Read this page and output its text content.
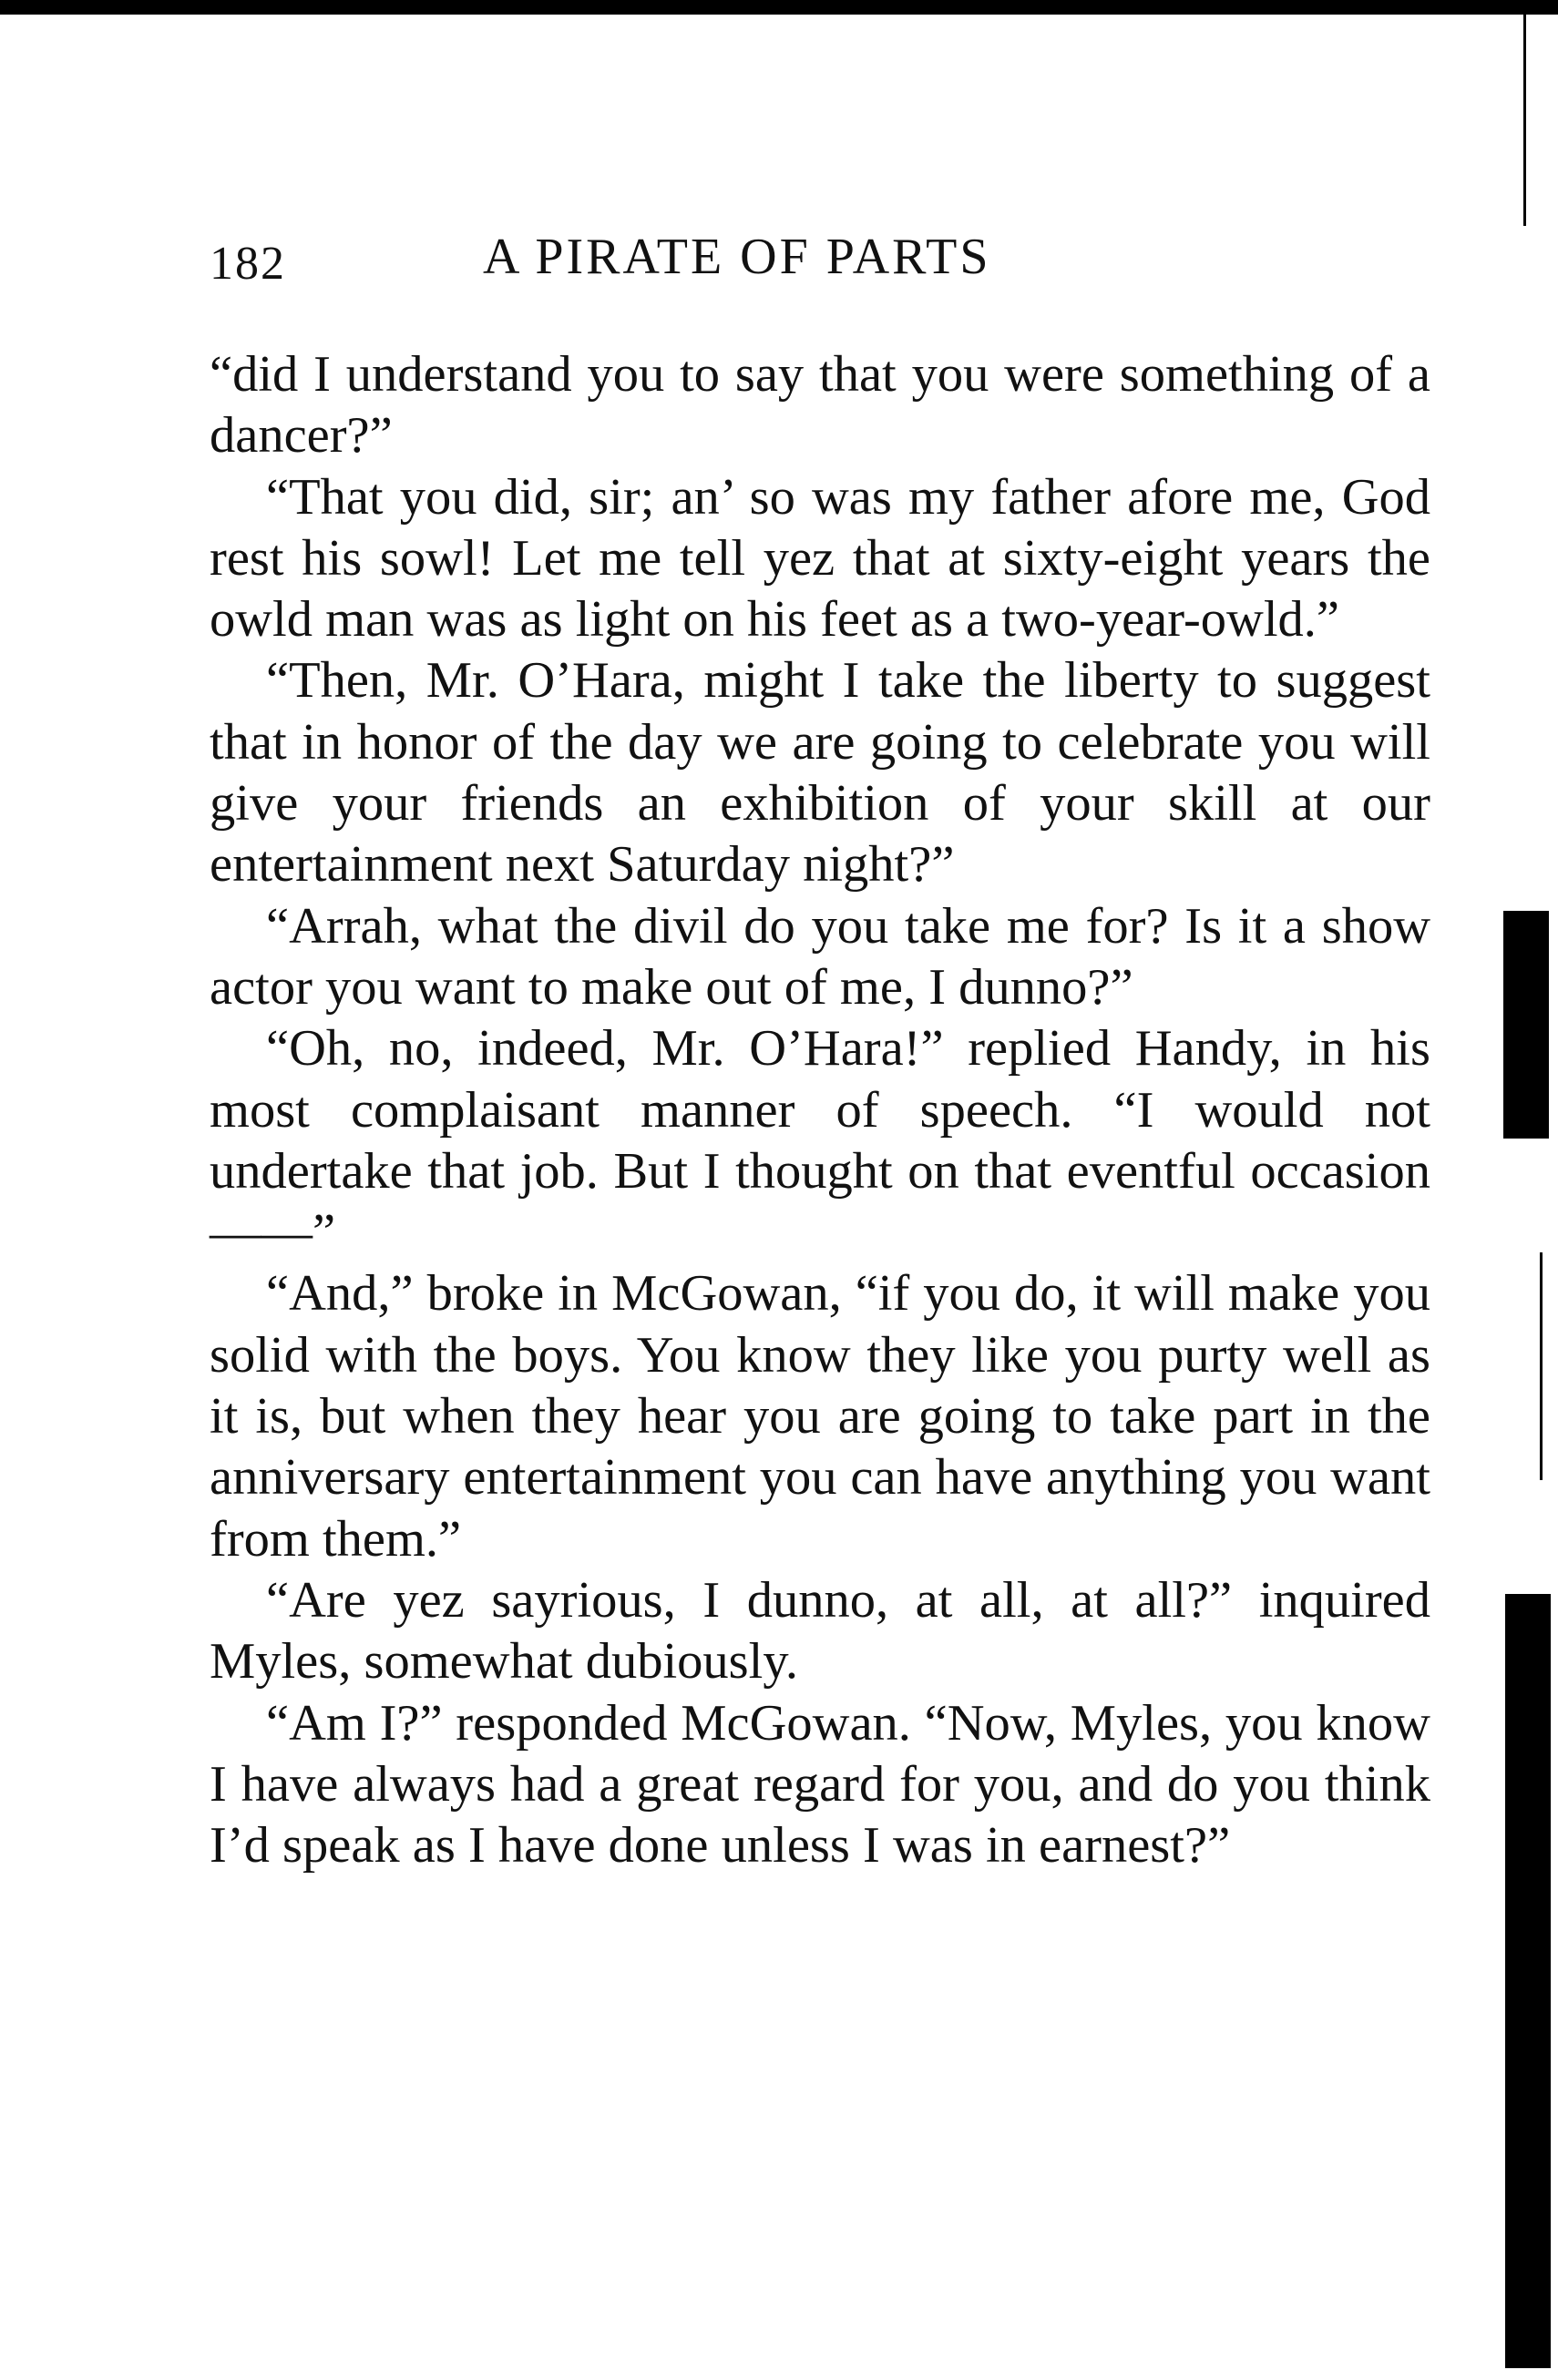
182	A PIRATE OF PARTS

“did I understand you to say that you were something of a dancer?”

“That you did, sir; an’ so was my father afore me, God rest his sowl! Let me tell yez that at sixty-eight years the owld man was as light on his feet as a two-year-owld.”

“Then, Mr. O’Hara, might I take the liberty to suggest that in honor of the day we are going to celebrate you will give your friends an exhibition of your skill at our entertainment next Saturday night?”

“Arrah, what the divil do you take me for? Is it a show actor you want to make out of me, I dunno?”

“Oh, no, indeed, Mr. O’Hara!” replied Handy, in his most complaisant manner of speech. “I would not undertake that job. But I thought on that eventful occasion——”

“And,” broke in McGowan, “if you do, it will make you solid with the boys. You know they like you purty well as it is, but when they hear you are going to take part in the anniversary entertainment you can have anything you want from them.”

“Are yez sayrious, I dunno, at all, at all?” inquired Myles, somewhat dubiously.

“Am I?” responded McGowan. “Now, Myles, you know I have always had a great regard for you, and do you think I’d speak as I have done unless I was in earnest?”
